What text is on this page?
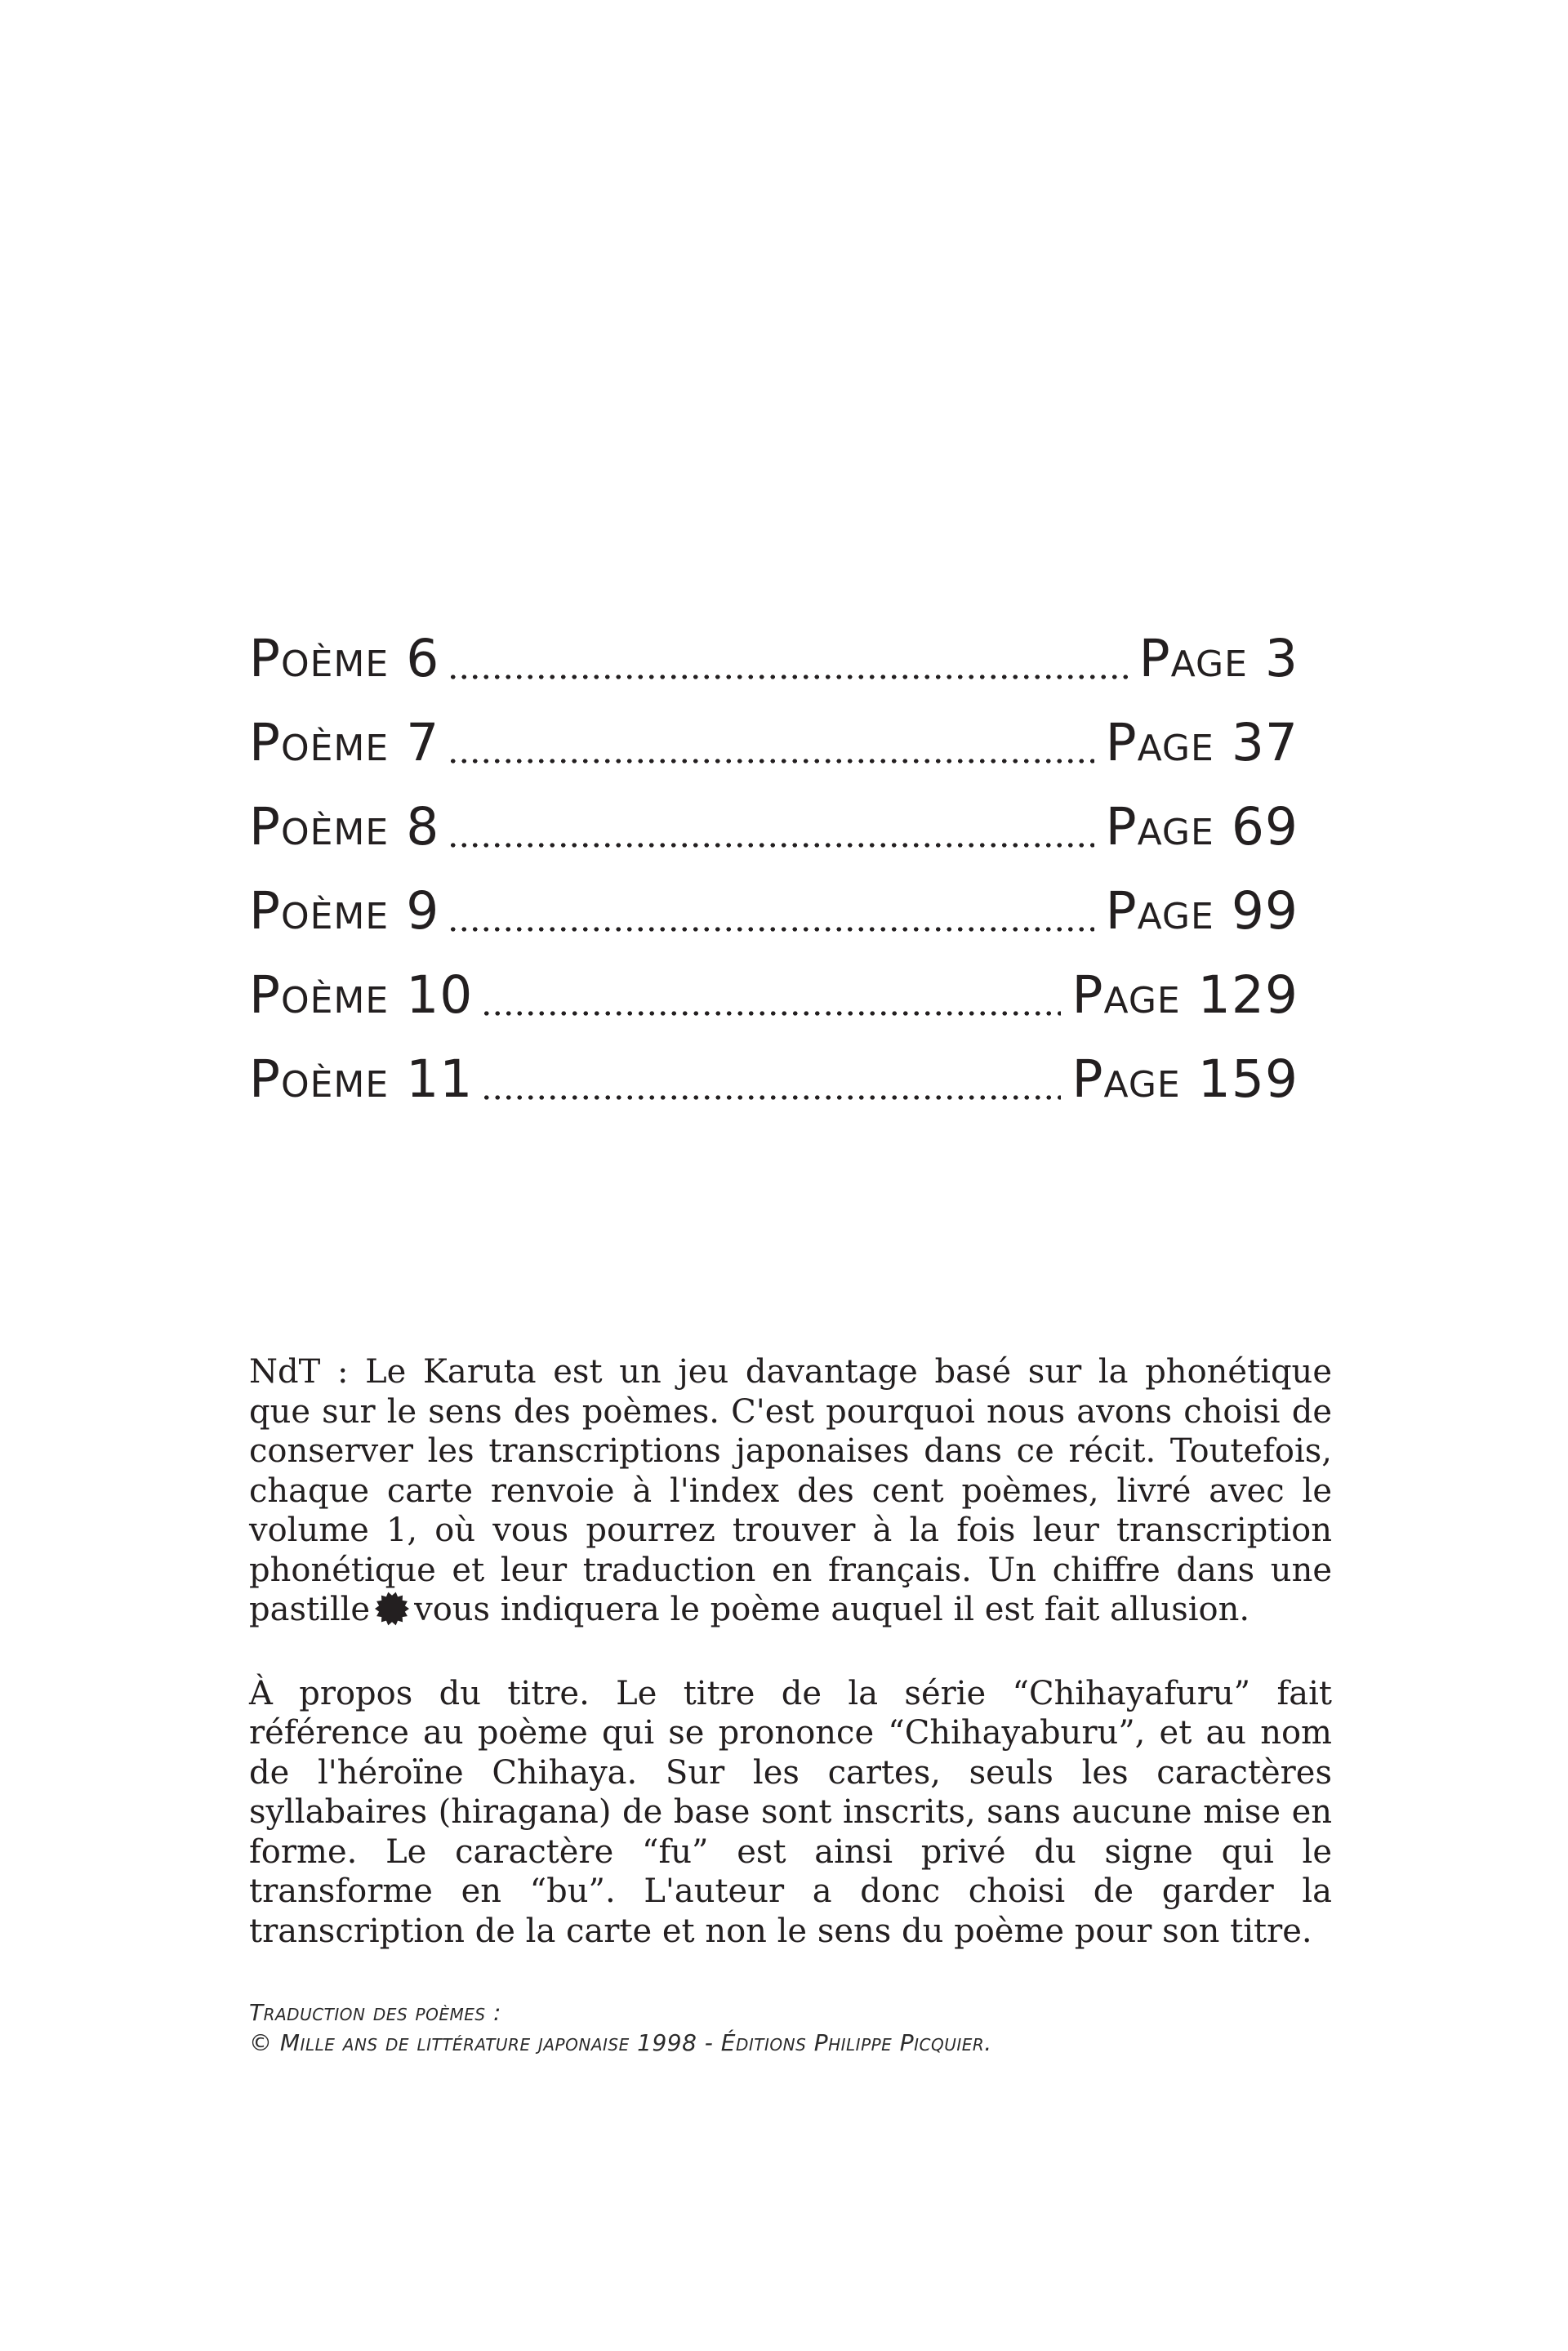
Poème 6	Page 3
Poème 7	Page 37
Poème 8	Page 69
Poème 9	Page 99
Poème 10	Page 129
Poème 11	Page 159

NdT : Le Karuta est un jeu davantage basé sur la phonétique que sur le sens des poèmes. C'est pourquoi nous avons choisi de conserver les transcriptions japonaises dans ce récit. Toutefois, chaque carte renvoie à l'index des cent poèmes, livré avec le volume 1, où vous pourrez trouver à la fois leur transcription phonétique et leur traduction en français. Un chiffre dans une pastille vous indiquera le poème auquel il est fait allusion.

À propos du titre. Le titre de la série “Chihayafuru” fait référence au poème qui se prononce “Chihayaburu”, et au nom de l'héroïne Chihaya. Sur les cartes, seuls les caractères syllabaires (hiragana) de base sont inscrits, sans aucune mise en forme. Le caractère “fu” est ainsi privé du signe qui le transforme en “bu”. L'auteur a donc choisi de garder la transcription de la carte et non le sens du poème pour son titre.

Traduction des poèmes :
© Mille ans de littérature japonaise 1998 - Éditions Philippe Picquier.
